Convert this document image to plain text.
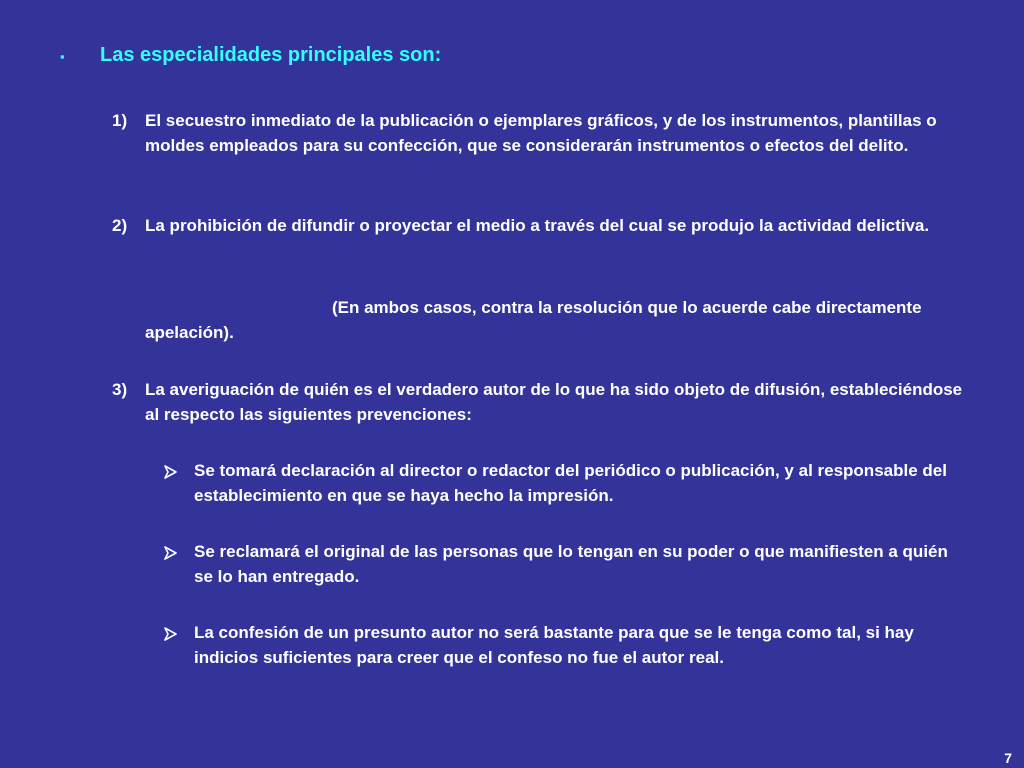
▪	Las especialidades principales son:
1)	El secuestro inmediato de la publicación o ejemplares gráficos, y de los instrumentos, plantillas o moldes empleados para su confección, que se considerarán instrumentos o efectos del delito.
2)	La prohibición de difundir o proyectar el medio a través del cual se produjo la actividad delictiva.
(En ambos casos, contra la resolución que lo acuerde cabe directamente apelación).
3)	La averiguación de quién es el verdadero autor de lo que ha sido objeto de difusión, estableciéndose al respecto las siguientes prevenciones:
Se tomará declaración al director o redactor del periódico o publicación, y al responsable del establecimiento en que se haya hecho la impresión.
Se reclamará el original de las personas que lo tengan en su poder o que manifiesten a quién se lo han entregado.
La confesión de un presunto autor no será bastante para que se le tenga como tal, si hay indicios suficientes para creer que el confeso no fue el autor real.
7
